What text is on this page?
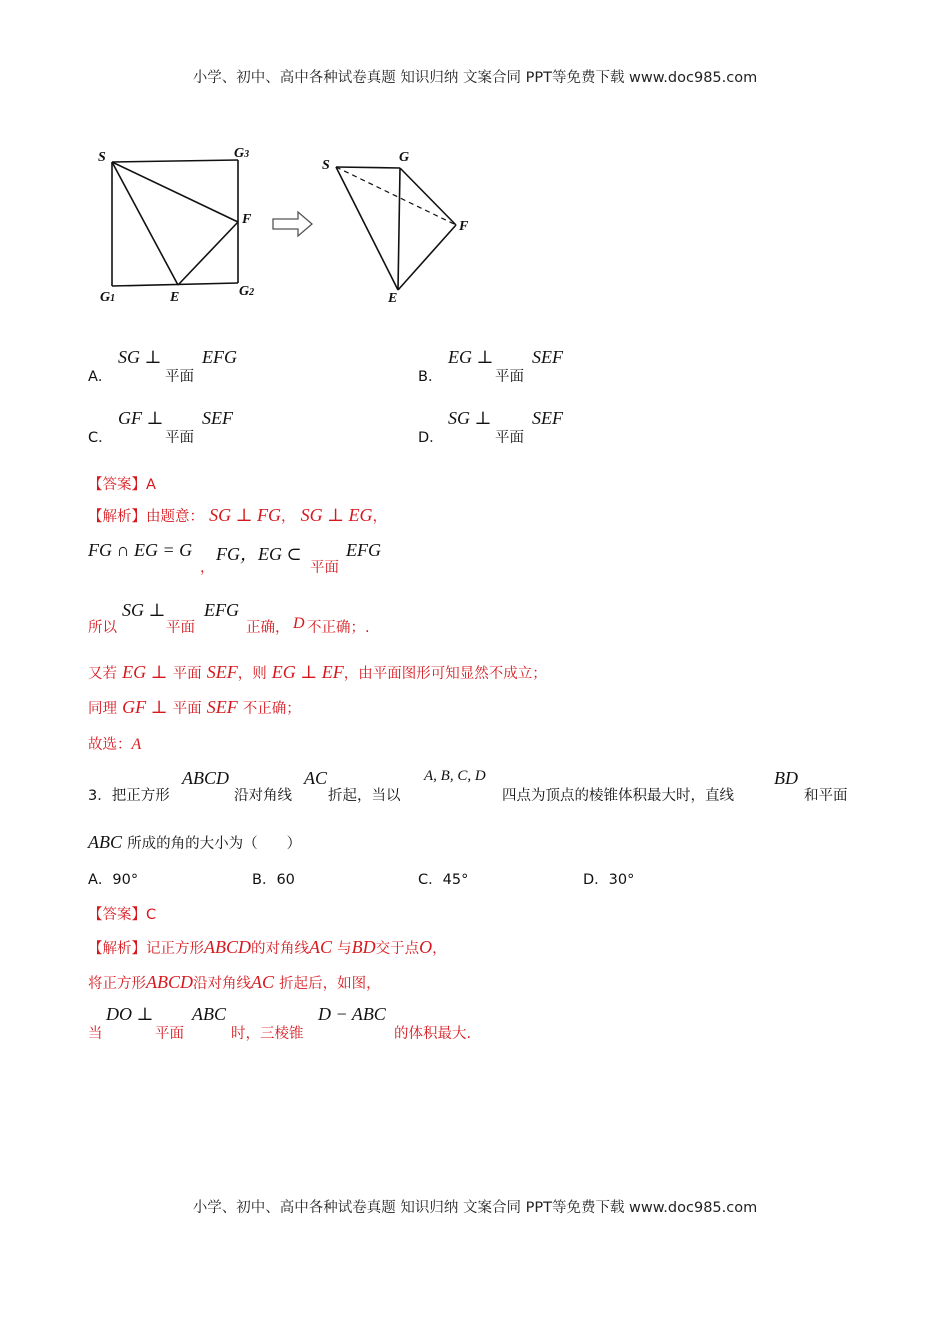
小学、初中、高中各种试卷真题 知识归纳 文案合同 PPT等免费下载 www.doc985.com
S	G3
F
G1	E	G2
S
G
F
E
A．
SG ⊥
平面
EFG
B．
EG ⊥
平面
SEF
C．
GF ⊥
平面
SEF
D．
SG ⊥
平面
SEF
【答案】A
【解析】由题意： SG ⊥ FG， SG ⊥ EG，
FG ∩ EG = G
，
FG，EG ⊂
平面
EFG
所以
SG ⊥
平面
EFG
正确， D 不正确；.
又若 EG ⊥ 平面 SEF，则 EG ⊥ EF，由平面图形可知显然不成立；
同理 GF ⊥ 平面 SEF 不正确；
故选：A
3．把正方形
ABCD
沿对角线
AC
折起，当以
A, B, C, D
四点为顶点的棱锥体积最大时，直线
BD
和平面
ABC 所成的角的大小为（　　）
A．90°	B．60	C．45°	D．30°
【答案】C
【解析】记正方形ABCD的对角线AC 与BD交于点O，
将正方形ABCD沿对角线AC 折起后，如图，
当
DO ⊥
平面
ABC
时，三棱锥
D − ABC
的体积最大.
小学、初中、高中各种试卷真题 知识归纳 文案合同 PPT等免费下载 www.doc985.com
